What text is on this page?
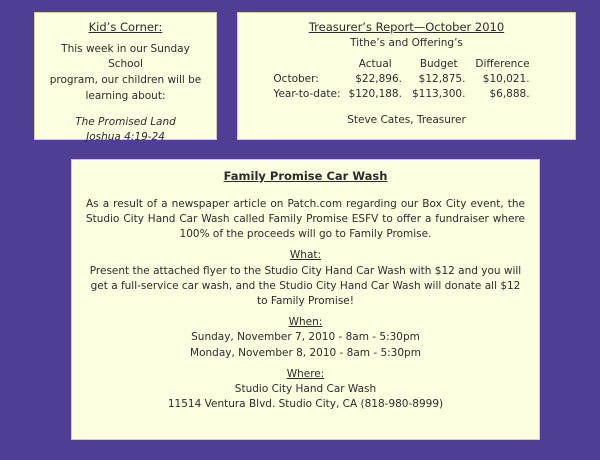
Kid’s Corner:
This week in our Sunday School
program, our children will be
learning about:
The Promised Land
Joshua 4:19-24
Treasurer’s Report—October 2010
Tithe’s and Offering’s
	Actual	Budget	Difference
October:	$22,896.	$12,875.	$10,021.
Year-to-date:	$120,188.	$113,300.	$6,888.
Steve Cates, Treasurer
Family Promise Car Wash
As a result of a newspaper article on Patch.com regarding our Box City event, the Studio City Hand Car Wash called Family Promise ESFV to offer a fundraiser where 100% of the proceeds will go to Family Promise.
What:
Present the attached flyer to the Studio City Hand Car Wash with $12 and you will get a full-service car wash, and the Studio City Hand Car Wash will donate all $12 to Family Promise!
When:
Sunday, November 7, 2010 - 8am - 5:30pm
Monday, November 8, 2010 - 8am - 5:30pm
Where:
Studio City Hand Car Wash
11514 Ventura Blvd. Studio City, CA (818-980-8999)
